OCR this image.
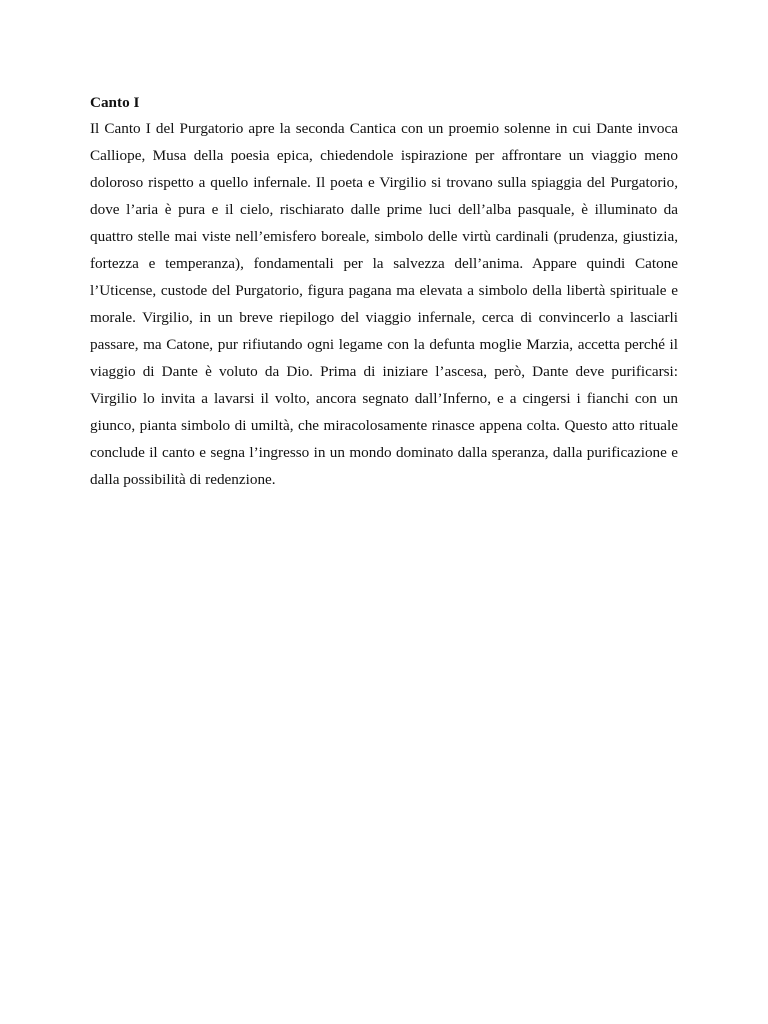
Canto I

Il Canto I del Purgatorio apre la seconda Cantica con un proemio solenne in cui Dante invoca Calliope, Musa della poesia epica, chiedendole ispirazione per affrontare un viaggio meno doloroso rispetto a quello infernale. Il poeta e Virgilio si trovano sulla spiaggia del Purgatorio, dove l’aria è pura e il cielo, rischiarato dalle prime luci dell’alba pasquale, è illuminato da quattro stelle mai viste nell’emisfero boreale, simbolo delle virtù cardinali (prudenza, giustizia, fortezza e temperanza), fondamentali per la salvezza dell’anima. Appare quindi Catone l’Uticense, custode del Purgatorio, figura pagana ma elevata a simbolo della libertà spirituale e morale. Virgilio, in un breve riepilogo del viaggio infernale, cerca di convincerlo a lasciarli passare, ma Catone, pur rifiutando ogni legame con la defunta moglie Marzia, accetta perché il viaggio di Dante è voluto da Dio. Prima di iniziare l’ascesa, però, Dante deve purificarsi: Virgilio lo invita a lavarsi il volto, ancora segnato dall’Inferno, e a cingersi i fianchi con un giunco, pianta simbolo di umiltà, che miracolosamente rinasce appena colta. Questo atto rituale conclude il canto e segna l’ingresso in un mondo dominato dalla speranza, dalla purificazione e dalla possibilità di redenzione.
